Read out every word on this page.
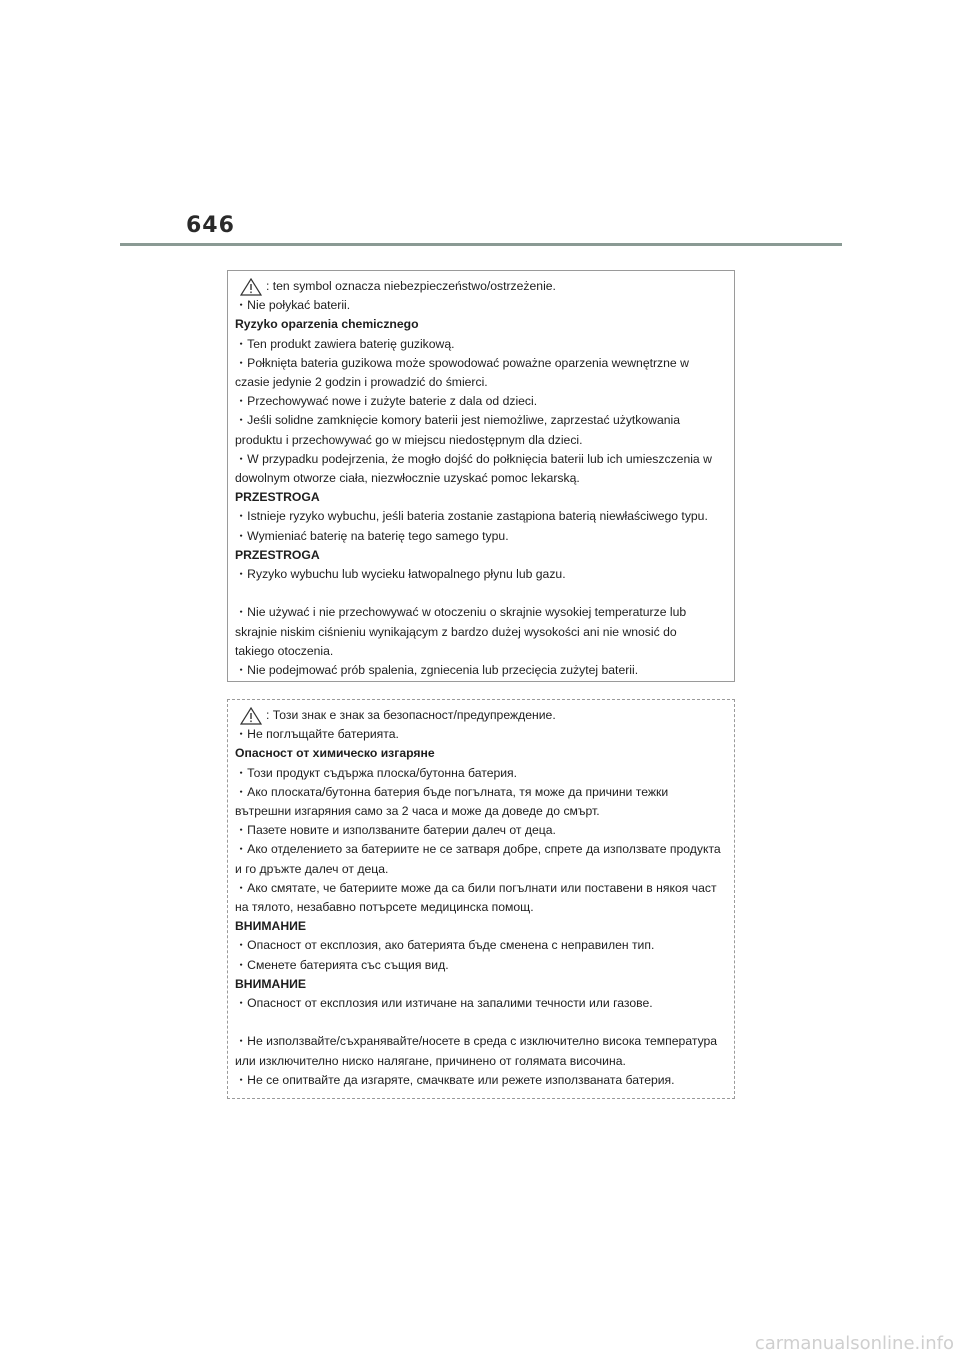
646
: ten symbol oznacza niebezpieczeństwo/ostrzeżenie.
・Nie połykać baterii.
Ryzyko oparzenia chemicznego
・Ten produkt zawiera baterię guzikową.
・Połknięta bateria guzikowa może spowodować poważne oparzenia wewnętrzne w
czasie jedynie 2 godzin i prowadzić do śmierci.
・Przechowywać nowe i zużyte baterie z dala od dzieci.
・Jeśli solidne zamknięcie komory baterii jest niemożliwe, zaprzestać użytkowania
produktu i przechowywać go w miejscu niedostępnym dla dzieci.
・W przypadku podejrzenia, że mogło dojść do połknięcia baterii lub ich umieszczenia w
dowolnym otworze ciała, niezwłocznie uzyskać pomoc lekarską.
PRZESTROGA
・Istnieje ryzyko wybuchu, jeśli bateria zostanie zastąpiona baterią niewłaściwego typu.
・Wymieniać baterię na baterię tego samego typu.
PRZESTROGA
・Ryzyko wybuchu lub wycieku łatwopalnego płynu lub gazu.
・Nie używać i nie przechowywać w otoczeniu o skrajnie wysokiej temperaturze lub
skrajnie niskim ciśnieniu wynikającym z bardzo dużej wysokości ani nie wnosić do
takiego otoczenia.
・Nie podejmować prób spalenia, zgniecenia lub przecięcia zużytej baterii.
: Този знак е знак за безопасност/предупреждение.
・Не поглъщайте батерията.
Опасност от химическо изгаряне
・Този продукт съдържа плоска/бутонна батерия.
・Ако плоската/бутонна батерия бъде погълната, тя може да причини тежки
вътрешни изгаряния само за 2 часа и може да доведе до смърт.
・Пазете новите и използваните батерии далеч от деца.
・Ако отделението за батериите не се затваря добре, спрете да използвате продукта
и го дръжте далеч от деца.
・Ако смятате, че батериите може да са били погълнати или поставени в някоя част
на тялото, незабавно потърсете медицинска помощ.
ВНИМАНИЕ
・Опасност от експлозия, ако батерията бъде сменена с неправилен тип.
・Сменете батерията със същия вид.
ВНИМАНИЕ
・Опасност от експлозия или изтичане на запалими течности или газове.
・Не използвайте/съхранявайте/носете в среда с изключително висока температура
или изключително ниско налягане, причинено от голямата височина.
・Не се опитвайте да изгаряте, смачквате или режете използваната батерия.
carmanualsonline.info
